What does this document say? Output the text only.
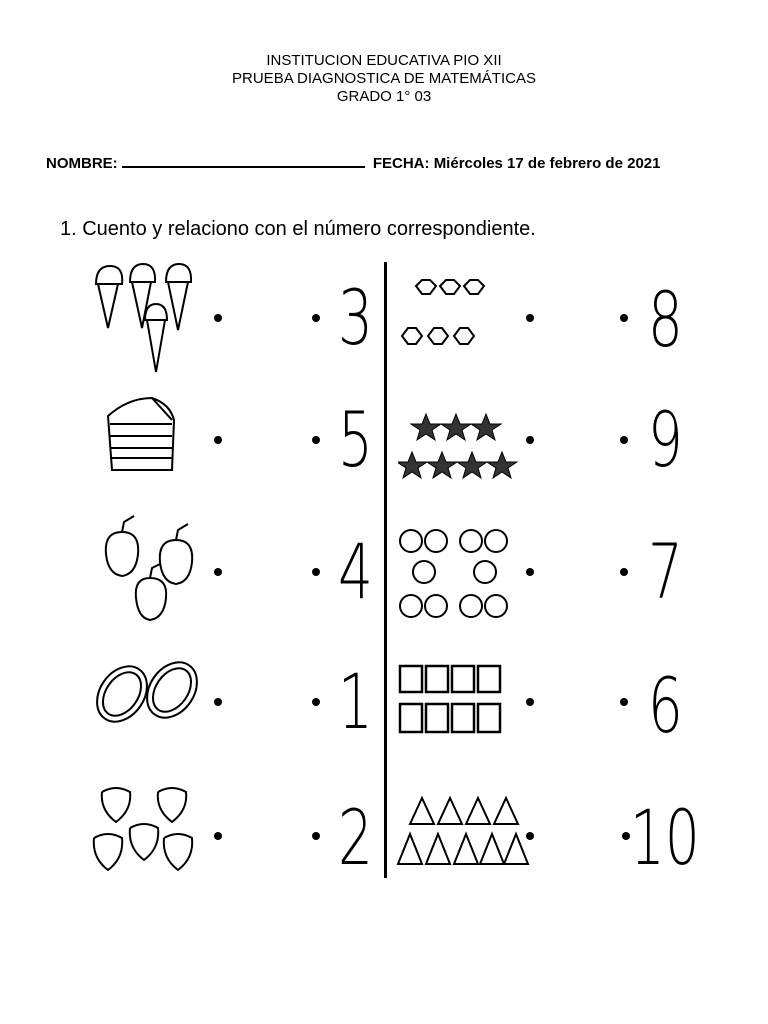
INSTITUCION EDUCATIVA PIO XII
PRUEBA DIAGNOSTICA DE MATEMÁTICAS
GRADO 1° 03
NOMBRE:	FECHA: Miércoles 17 de febrero de 2021
1. Cuento y relaciono con el número correspondiente.
3	8
5	9
4	7
1	6
2	10
